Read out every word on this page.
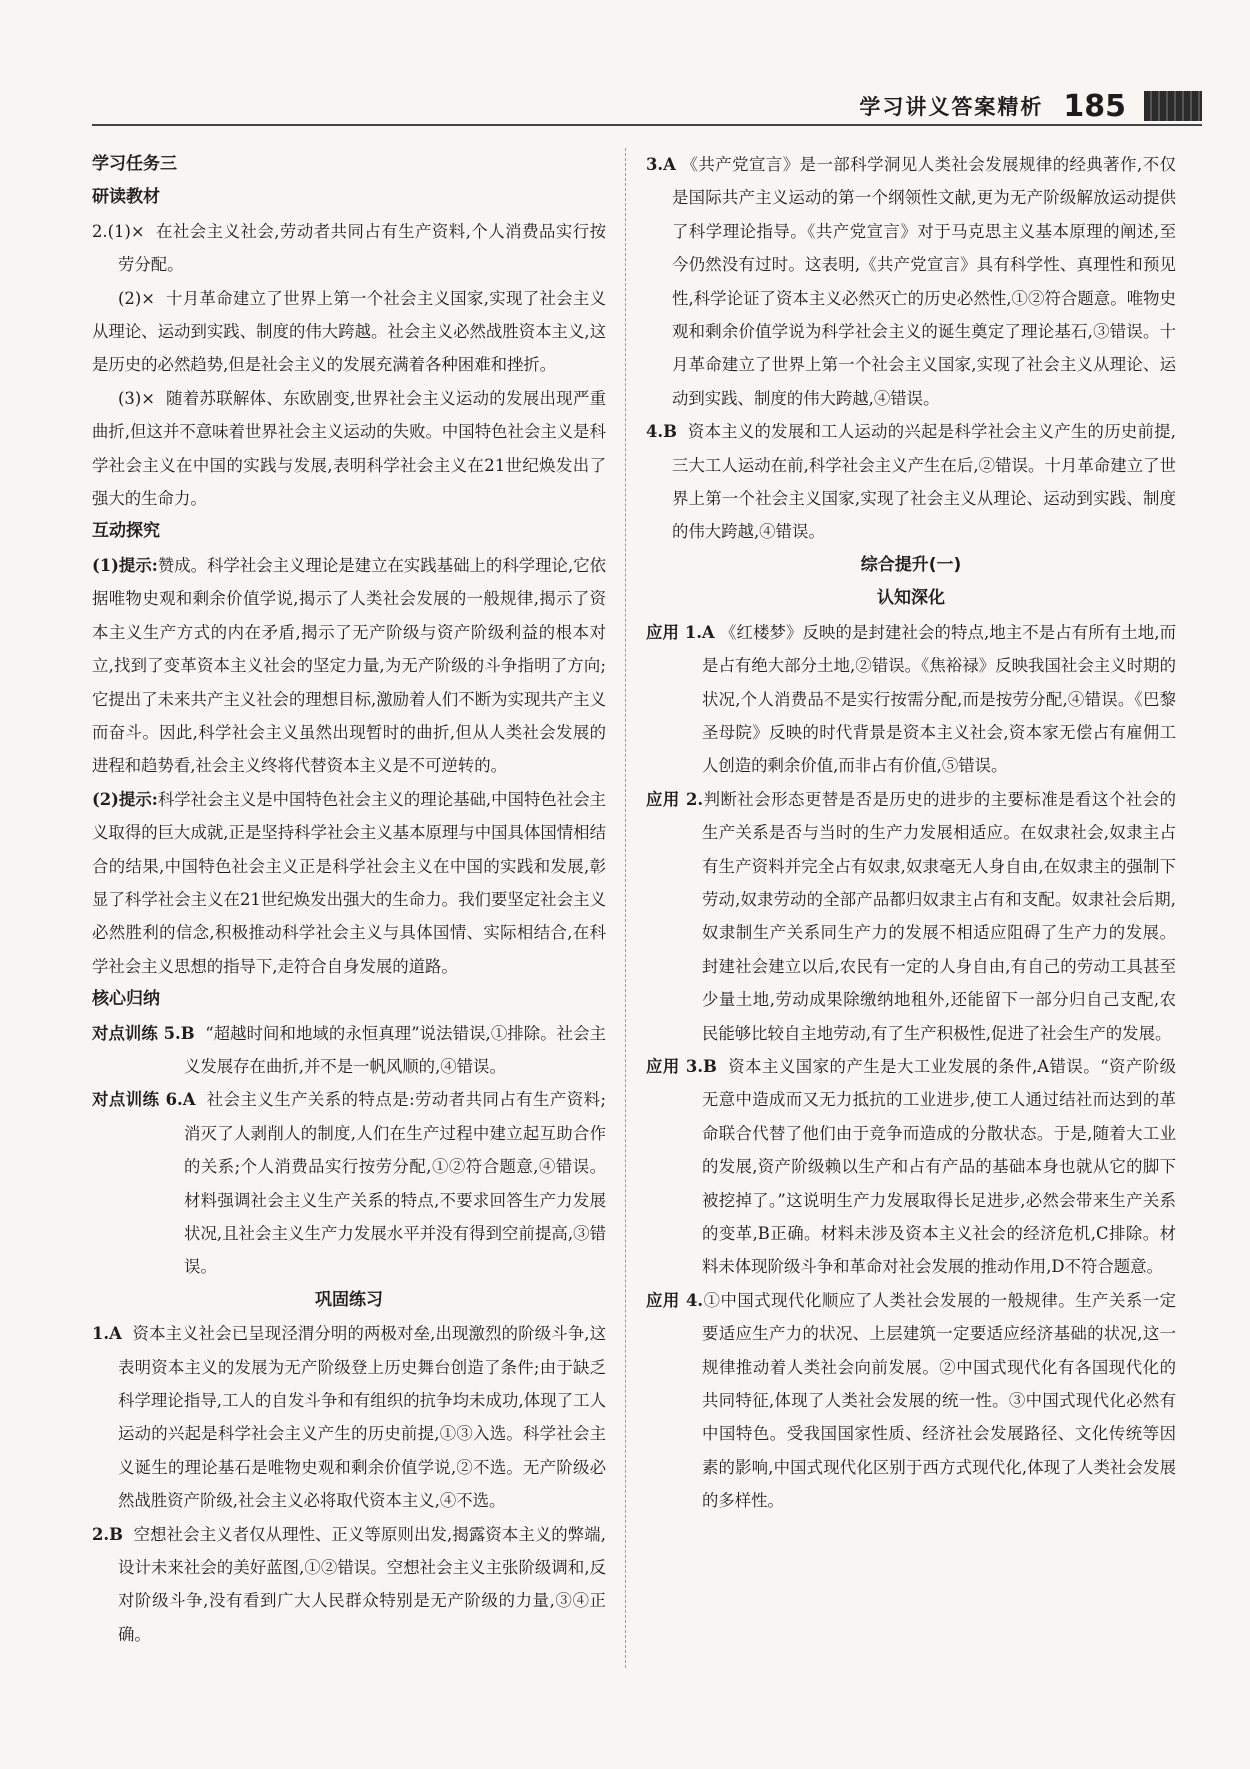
学习讲义答案精析 185

学习任务三

研读教材

2.(1)× 在社会主义社会,劳动者共同占有生产资料,个人消费品实行按劳分配。

(2)× 十月革命建立了世界上第一个社会主义国家,实现了社会主义从理论、运动到实践、制度的伟大跨越。社会主义必然战胜资本主义,这是历史的必然趋势,但是社会主义的发展充满着各种困难和挫折。

(3)× 随着苏联解体、东欧剧变,世界社会主义运动的发展出现严重曲折,但这并不意味着世界社会主义运动的失败。中国特色社会主义是科学社会主义在中国的实践与发展,表明科学社会主义在21世纪焕发出了强大的生命力。

互动探究

(1)提示:赞成。科学社会主义理论是建立在实践基础上的科学理论,它依据唯物史观和剩余价值学说,揭示了人类社会发展的一般规律,揭示了资本主义生产方式的内在矛盾,揭示了无产阶级与资产阶级利益的根本对立,找到了变革资本主义社会的坚定力量,为无产阶级的斗争指明了方向;它提出了未来共产主义社会的理想目标,激励着人们不断为实现共产主义而奋斗。因此,科学社会主义虽然出现暂时的曲折,但从人类社会发展的进程和趋势看,社会主义终将代替资本主义是不可逆转的。

(2)提示:科学社会主义是中国特色社会主义的理论基础,中国特色社会主义取得的巨大成就,正是坚持科学社会主义基本原理与中国具体国情相结合的结果,中国特色社会主义正是科学社会主义在中国的实践和发展,彰显了科学社会主义在21世纪焕发出强大的生命力。我们要坚定社会主义必然胜利的信念,积极推动科学社会主义与具体国情、实际相结合,在科学社会主义思想的指导下,走符合自身发展的道路。

核心归纳

对点训练 5.B “超越时间和地域的永恒真理”说法错误,①排除。社会主义发展存在曲折,并不是一帆风顺的,④错误。

对点训练 6.A 社会主义生产关系的特点是:劳动者共同占有生产资料;消灭了人剥削人的制度,人们在生产过程中建立起互助合作的关系;个人消费品实行按劳分配,①②符合题意,④错误。材料强调社会主义生产关系的特点,不要求回答生产力发展状况,且社会主义生产力发展水平并没有得到空前提高,③错误。

巩固练习

1.A 资本主义社会已呈现泾渭分明的两极对垒,出现激烈的阶级斗争,这表明资本主义的发展为无产阶级登上历史舞台创造了条件;由于缺乏科学理论指导,工人的自发斗争和有组织的抗争均未成功,体现了工人运动的兴起是科学社会主义产生的历史前提,①③入选。科学社会主义诞生的理论基石是唯物史观和剩余价值学说,②不选。无产阶级必然战胜资产阶级,社会主义必将取代资本主义,④不选。

2.B 空想社会主义者仅从理性、正义等原则出发,揭露资本主义的弊端,设计未来社会的美好蓝图,①②错误。空想社会主义主张阶级调和,反对阶级斗争,没有看到广大人民群众特别是无产阶级的力量,③④正确。

3.A 《共产党宣言》是一部科学洞见人类社会发展规律的经典著作,不仅是国际共产主义运动的第一个纲领性文献,更为无产阶级解放运动提供了科学理论指导。《共产党宣言》对于马克思主义基本原理的阐述,至今仍然没有过时。这表明,《共产党宣言》具有科学性、真理性和预见性,科学论证了资本主义必然灭亡的历史必然性,①②符合题意。唯物史观和剩余价值学说为科学社会主义的诞生奠定了理论基石,③错误。十月革命建立了世界上第一个社会主义国家,实现了社会主义从理论、运动到实践、制度的伟大跨越,④错误。

4.B 资本主义的发展和工人运动的兴起是科学社会主义产生的历史前提,三大工人运动在前,科学社会主义产生在后,②错误。十月革命建立了世界上第一个社会主义国家,实现了社会主义从理论、运动到实践、制度的伟大跨越,④错误。

综合提升(一)

认知深化

应用 1.A 《红楼梦》反映的是封建社会的特点,地主不是占有所有土地,而是占有绝大部分土地,②错误。《焦裕禄》反映我国社会主义时期的状况,个人消费品不是实行按需分配,而是按劳分配,④错误。《巴黎圣母院》反映的时代背景是资本主义社会,资本家无偿占有雇佣工人创造的剩余价值,而非占有价值,⑤错误。

应用 2.判断社会形态更替是否是历史的进步的主要标准是看这个社会的生产关系是否与当时的生产力发展相适应。在奴隶社会,奴隶主占有生产资料并完全占有奴隶,奴隶毫无人身自由,在奴隶主的强制下劳动,奴隶劳动的全部产品都归奴隶主占有和支配。奴隶社会后期,奴隶制生产关系同生产力的发展不相适应阻碍了生产力的发展。封建社会建立以后,农民有一定的人身自由,有自己的劳动工具甚至少量土地,劳动成果除缴纳地租外,还能留下一部分归自己支配,农民能够比较自主地劳动,有了生产积极性,促进了社会生产的发展。

应用 3.B 资本主义国家的产生是大工业发展的条件,A错误。“资产阶级无意中造成而又无力抵抗的工业进步,使工人通过结社而达到的革命联合代替了他们由于竞争而造成的分散状态。于是,随着大工业的发展,资产阶级赖以生产和占有产品的基础本身也就从它的脚下被挖掉了。”这说明生产力发展取得长足进步,必然会带来生产关系的变革,B正确。材料未涉及资本主义社会的经济危机,C排除。材料未体现阶级斗争和革命对社会发展的推动作用,D不符合题意。

应用 4.①中国式现代化顺应了人类社会发展的一般规律。生产关系一定要适应生产力的状况、上层建筑一定要适应经济基础的状况,这一规律推动着人类社会向前发展。②中国式现代化有各国现代化的共同特征,体现了人类社会发展的统一性。③中国式现代化必然有中国特色。受我国国家性质、经济社会发展路径、文化传统等因素的影响,中国式现代化区别于西方式现代化,体现了人类社会发展的多样性。
